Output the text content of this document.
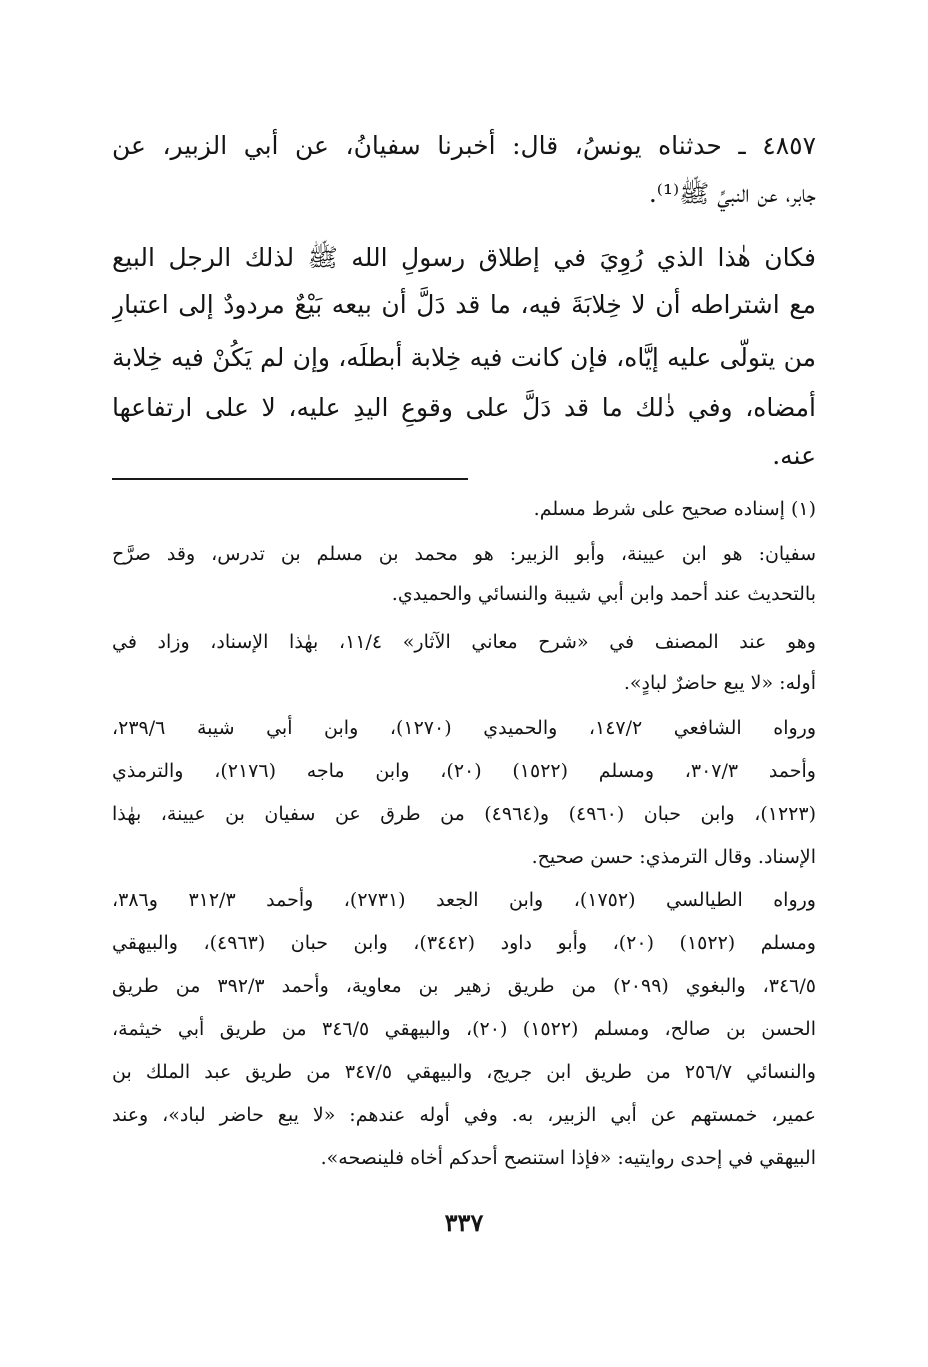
٤٨٥٧ ـ حدثناه يونسُ، قال: أخبرنا سفيانُ، عن أبي الزبير، عن
جابر، عن النبيِّ ﷺ⁽¹⁾.
فكان هٰذا الذي رُوِيَ في إطلاق رسولِ الله ﷺ لذلك الرجل البيع
مع اشتراطه أن لا خِلابَةَ فيه، ما قد دَلَّ أن بيعه بَيْعٌ مردودٌ إلى اعتبارِ
من يتولّى عليه إيَّاه، فإن كانت فيه خِلابة أبطلَه، وإن لم يَكُنْ فيه خِلابة
أمضاه، وفي ذٰلك ما قد دَلَّ على وقوعِ اليدِ عليه، لا على ارتفاعها
عنه.
(١) إسناده صحيح على شرط مسلم.
سفيان: هو ابن عيينة، وأبو الزبير: هو محمد بن مسلم بن تدرس، وقد صرَّح
بالتحديث عند أحمد وابن أبي شيبة والنسائي والحميدي.
وهو عند المصنف في «شرح معاني الآثار» ١١/٤، بهٰذا الإسناد، وزاد في
أوله: «لا يبع حاضرٌ لبادٍ».
ورواه الشافعي ١٤٧/٢، والحميدي (١٢٧٠)، وابن أبي شيبة ٢٣٩/٦،
وأحمد ٣٠٧/٣، ومسلم (١٥٢٢) (٢٠)، وابن ماجه (٢١٧٦)، والترمذي
(١٢٢٣)، وابن حبان (٤٩٦٠) و(٤٩٦٤) من طرق عن سفيان بن عيينة، بهٰذا
الإسناد. وقال الترمذي: حسن صحيح.
ورواه الطيالسي (١٧٥٢)، وابن الجعد (٢٧٣١)، وأحمد ٣١٢/٣ و٣٨٦،
ومسلم (١٥٢٢) (٢٠)، وأبو داود (٣٤٤٢)، وابن حبان (٤٩٦٣)، والبيهقي
٣٤٦/٥، والبغوي (٢٠٩٩) من طريق زهير بن معاوية، وأحمد ٣٩٢/٣ من طريق
الحسن بن صالح، ومسلم (١٥٢٢) (٢٠)، والبيهقي ٣٤٦/٥ من طريق أبي خيثمة،
والنسائي ٢٥٦/٧ من طريق ابن جريج، والبيهقي ٣٤٧/٥ من طريق عبد الملك بن
عمير، خمستهم عن أبي الزبير، به. وفي أوله عندهم: «لا يبع حاضر لباد»، وعند
البيهقي في إحدى روايتيه: «فإذا استنصح أحدكم أخاه فلينصحه».
٣٣٧
